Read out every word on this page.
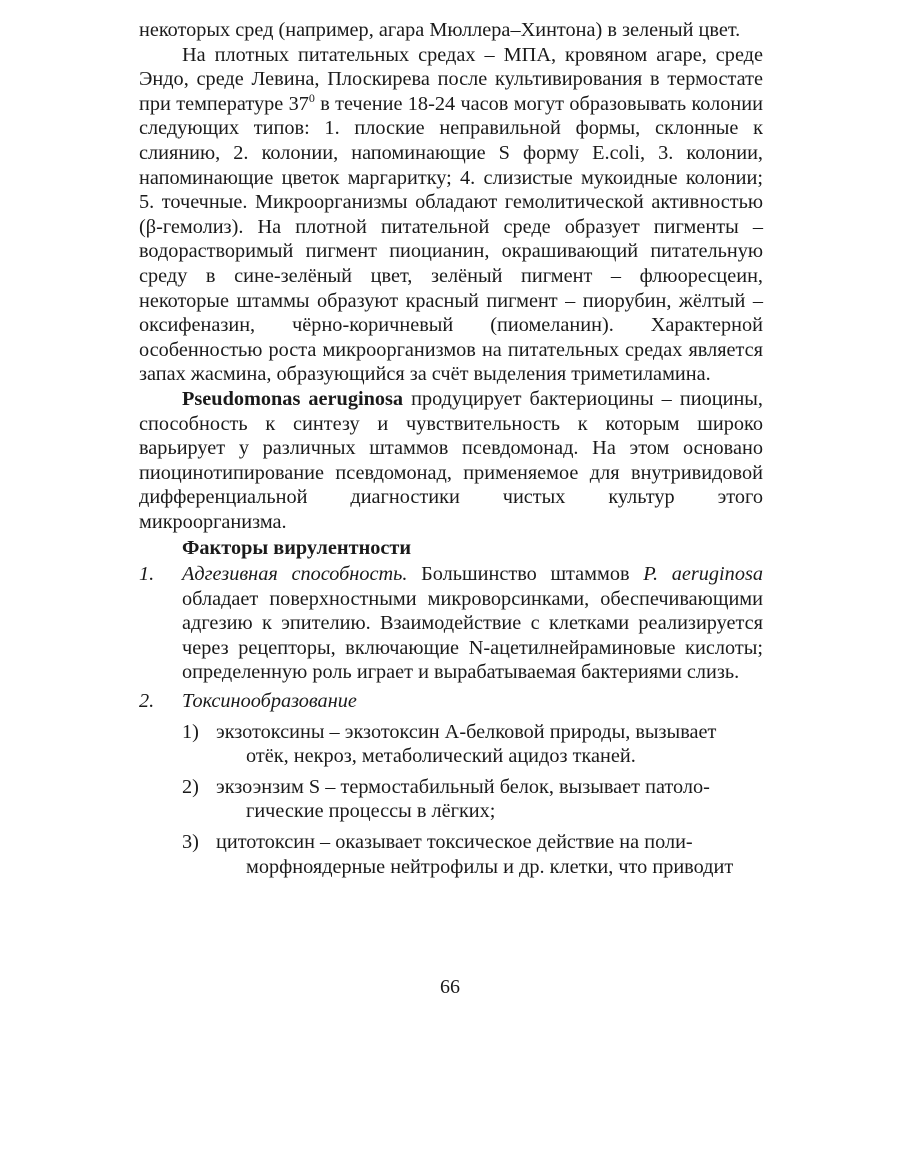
некоторых сред (например, агара Мюллера–Хинтона) в зеленый цвет.

На плотных питательных средах – МПА, кровяном агаре, среде Эндо, среде Левина, Плоскирева после культивирования в термостате при температуре $37^0$ в течение 18-24 часов могут образовывать колонии следующих типов: 1. плоские неправильной формы, склонные к слиянию, 2. колонии, напоминающие S форму E.coli, 3. колонии, напоминающие цветок маргаритку; 4. слизистые мукоидные колонии; 5. точечные. Микроорганизмы обладают гемолитической активностью (β-гемолиз). На плотной питательной среде образует пигменты – водорастворимый пигмент пиоцианин, окрашивающий питательную среду в сине-зелёный цвет, зелёный пигмент – флюоресцеин, некоторые штаммы образуют красный пигмент – пиорубин, жёлтый – оксифеназин, чёрно-коричневый (пиомеланин). Характерной особенностью роста микроорганизмов на питательных средах является запах жасмина, образующийся за счёт выделения триметиламина.

Pseudomonas aeruginosa продуцирует бактериоцины – пиоцины, способность к синтезу и чувствительность к которым широко варьирует у различных штаммов псевдомонад. На этом основано пиоцинотипирование псевдомонад, применяемое для внутривидовой дифференциальной диагностики чистых культур этого микроорганизма.

Факторы вирулентности
1.	Адгезивная способность. Большинство штаммов P. aeruginosa обладает поверхностными микроворсинками, обеспечивающими адгезию к эпителию. Взаимодействие с клетками реализируется через рецепторы, включающие N-ацетилнейраминовые кислоты; определенную роль играет и вырабатываемая бактериями слизь.
2.	Токсинообразование
1) экзотоксины – экзотоксин А-белковой природы, вызывает
отёк, некроз, метаболический ацидоз тканей.
2) экзоэнзим S – термостабильный белок, вызывает патоло-
гические процессы в лёгких;
3) цитотоксин – оказывает токсическое действие на поли-
морфноядерные нейтрофилы и др. клетки, что приводит
66
